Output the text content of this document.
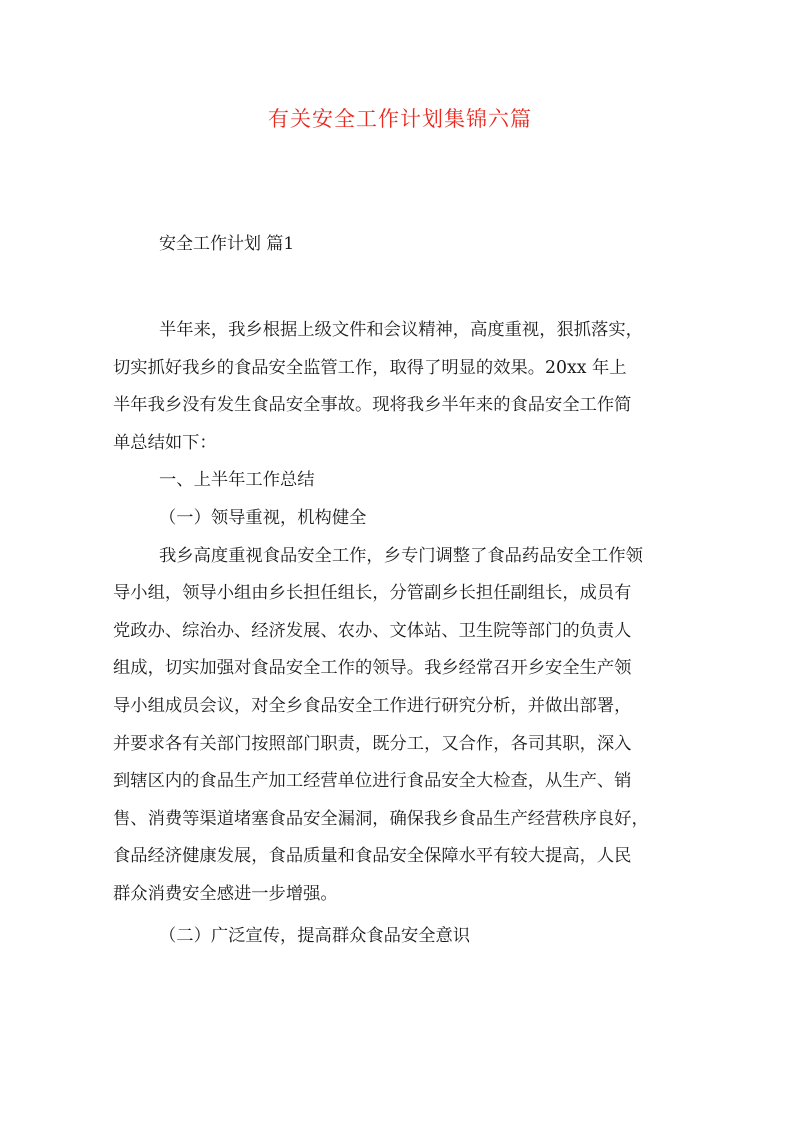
有关安全工作计划集锦六篇
安全工作计划 篇1
半年来，我乡根据上级文件和会议精神，高度重视，狠抓落实，
切实抓好我乡的食品安全监管工作，取得了明显的效果。20xx 年上
半年我乡没有发生食品安全事故。现将我乡半年来的食品安全工作简
单总结如下：
一、上半年工作总结
（一）领导重视，机构健全
我乡高度重视食品安全工作，乡专门调整了食品药品安全工作领
导小组，领导小组由乡长担任组长，分管副乡长担任副组长，成员有
党政办、综治办、经济发展、农办、文体站、卫生院等部门的负责人
组成，切实加强对食品安全工作的领导。我乡经常召开乡安全生产领
导小组成员会议，对全乡食品安全工作进行研究分析，并做出部署，
并要求各有关部门按照部门职责，既分工，又合作，各司其职，深入
到辖区内的食品生产加工经营单位进行食品安全大检查，从生产、销
售、消费等渠道堵塞食品安全漏洞，确保我乡食品生产经营秩序良好，
食品经济健康发展，食品质量和食品安全保障水平有较大提高，人民
群众消费安全感进一步增强。
（二）广泛宣传，提高群众食品安全意识
